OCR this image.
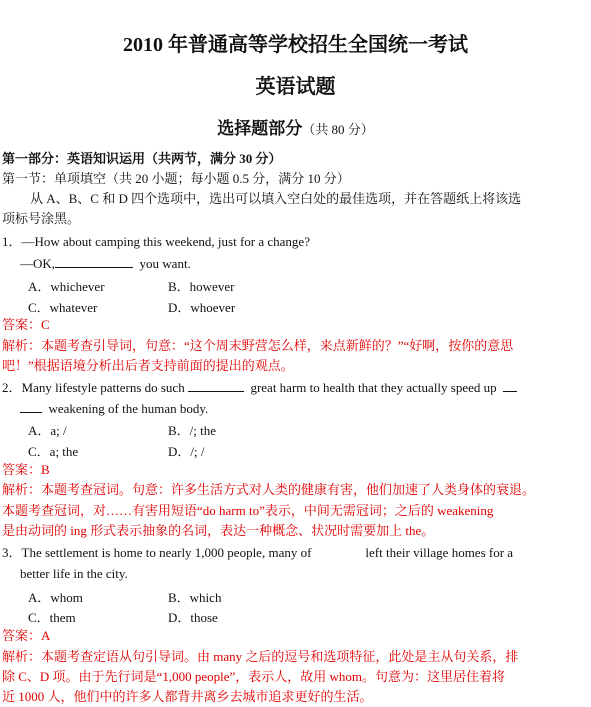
2010 年普通高等学校招生全国统一考试
英语试题
选择题部分（共 80 分）
第一部分：英语知识运用（共两节，满分 30 分）
第一节：单项填空（共 20 小题；每小题 0.5 分，满分 10 分）
从 A、B、C 和 D 四个选项中，选出可以填入空白处的最佳选项，并在答题纸上将该选
项标号涂黑。
1．—How about camping this weekend, just for a change?
—OK,	you want.
A．whichever	B．however
C．whatever	D．whoever
答案：C
解析：本题考查引导词，句意：“这个周末野营怎么样，来点新鲜的？”“好啊，按你的意思
吧！”根据语境分析出后者支持前面的提出的观点。
2．Many lifestyle patterns do such	great harm to health that they actually speed up
weakening of the human body.
A．a; /	B．/; the
C．a; the	D．/; /
答案：B
解析：本题考查冠词。句意：许多生活方式对人类的健康有害，他们加速了人类身体的衰退。
本题考查冠词，对……有害用短语“do harm to”表示，中间无需冠词；之后的 weakening
是由动词的 ing 形式表示抽象的名词，表达一种概念、状况时需要加上 the。
3．The settlement is home to nearly 1,000 people, many of	left their village homes for a
better life in the city.
A．whom	B．which
C．them	D．those
答案：A
解析：本题考查定语从句引导词。由 many 之后的逗号和选项特征，此处是主从句关系，排
除 C、D 项。由于先行词是“1,000 people”，表示人，故用 whom。句意为：这里居住着将
近 1000 人，他们中的许多人都背井离乡去城市追求更好的生活。
